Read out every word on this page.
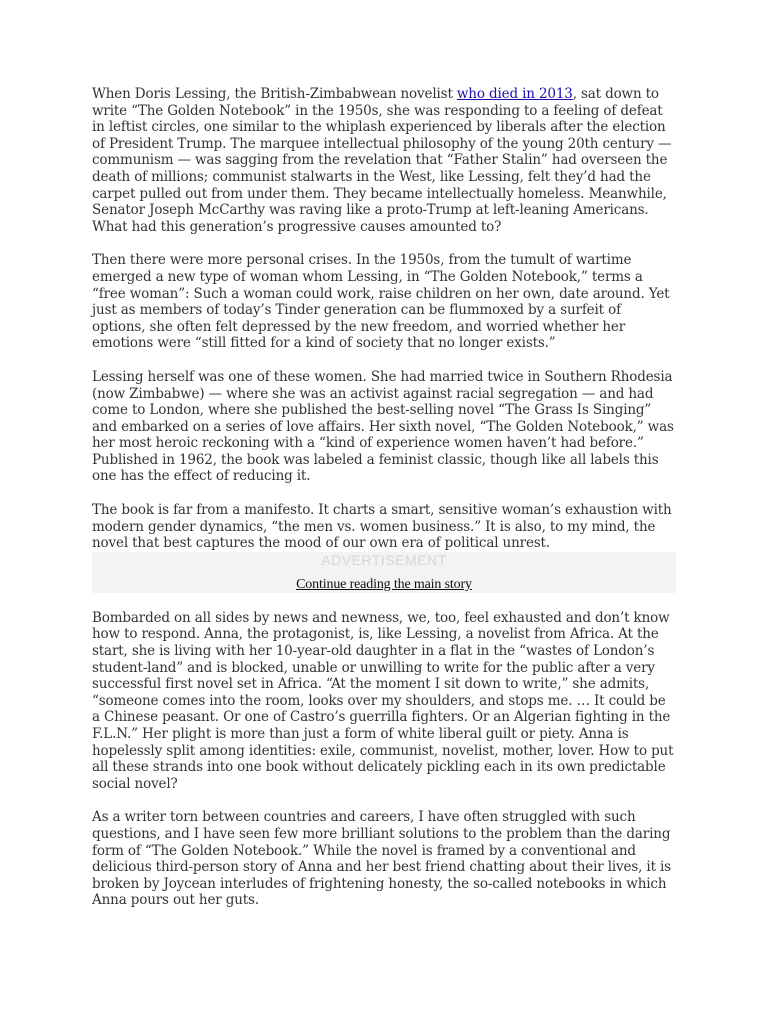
When Doris Lessing, the British-Zimbabwean novelist who died in 2013, sat down to write “The Golden Notebook” in the 1950s, she was responding to a feeling of defeat in leftist circles, one similar to the whiplash experienced by liberals after the election of President Trump. The marquee intellectual philosophy of the young 20th century — communism — was sagging from the revelation that “Father Stalin” had overseen the death of millions; communist stalwarts in the West, like Lessing, felt they’d had the carpet pulled out from under them. They became intellectually homeless. Meanwhile, Senator Joseph McCarthy was raving like a proto-Trump at left-leaning Americans. What had this generation’s progressive causes amounted to?

Then there were more personal crises. In the 1950s, from the tumult of wartime emerged a new type of woman whom Lessing, in “The Golden Notebook,” terms a “free woman”: Such a woman could work, raise children on her own, date around. Yet just as members of today’s Tinder generation can be flummoxed by a surfeit of options, she often felt depressed by the new freedom, and worried whether her emotions were “still fitted for a kind of society that no longer exists.”

Lessing herself was one of these women. She had married twice in Southern Rhodesia (now Zimbabwe) — where she was an activist against racial segregation — and had come to London, where she published the best-selling novel “The Grass Is Singing” and embarked on a series of love affairs. Her sixth novel, “The Golden Notebook,” was her most heroic reckoning with a “kind of experience women haven’t had before.” Published in 1962, the book was labeled a feminist classic, though like all labels this one has the effect of reducing it.

The book is far from a manifesto. It charts a smart, sensitive woman’s exhaustion with modern gender dynamics, “the men vs. women business.” It is also, to my mind, the novel that best captures the mood of our own era of political unrest.

ADVERTISEMENT
Continue reading the main story

Bombarded on all sides by news and newness, we, too, feel exhausted and don’t know how to respond. Anna, the protagonist, is, like Lessing, a novelist from Africa. At the start, she is living with her 10-year-old daughter in a flat in the “wastes of London’s student-land” and is blocked, unable or unwilling to write for the public after a very successful first novel set in Africa. “At the moment I sit down to write,” she admits, “someone comes into the room, looks over my shoulders, and stops me. … It could be a Chinese peasant. Or one of Castro’s guerrilla fighters. Or an Algerian fighting in the F.L.N.” Her plight is more than just a form of white liberal guilt or piety. Anna is hopelessly split among identities: exile, communist, novelist, mother, lover. How to put all these strands into one book without delicately pickling each in its own predictable social novel?

As a writer torn between countries and careers, I have often struggled with such questions, and I have seen few more brilliant solutions to the problem than the daring form of “The Golden Notebook.” While the novel is framed by a conventional and delicious third-person story of Anna and her best friend chatting about their lives, it is broken by Joycean interludes of frightening honesty, the so-called notebooks in which Anna pours out her guts.
